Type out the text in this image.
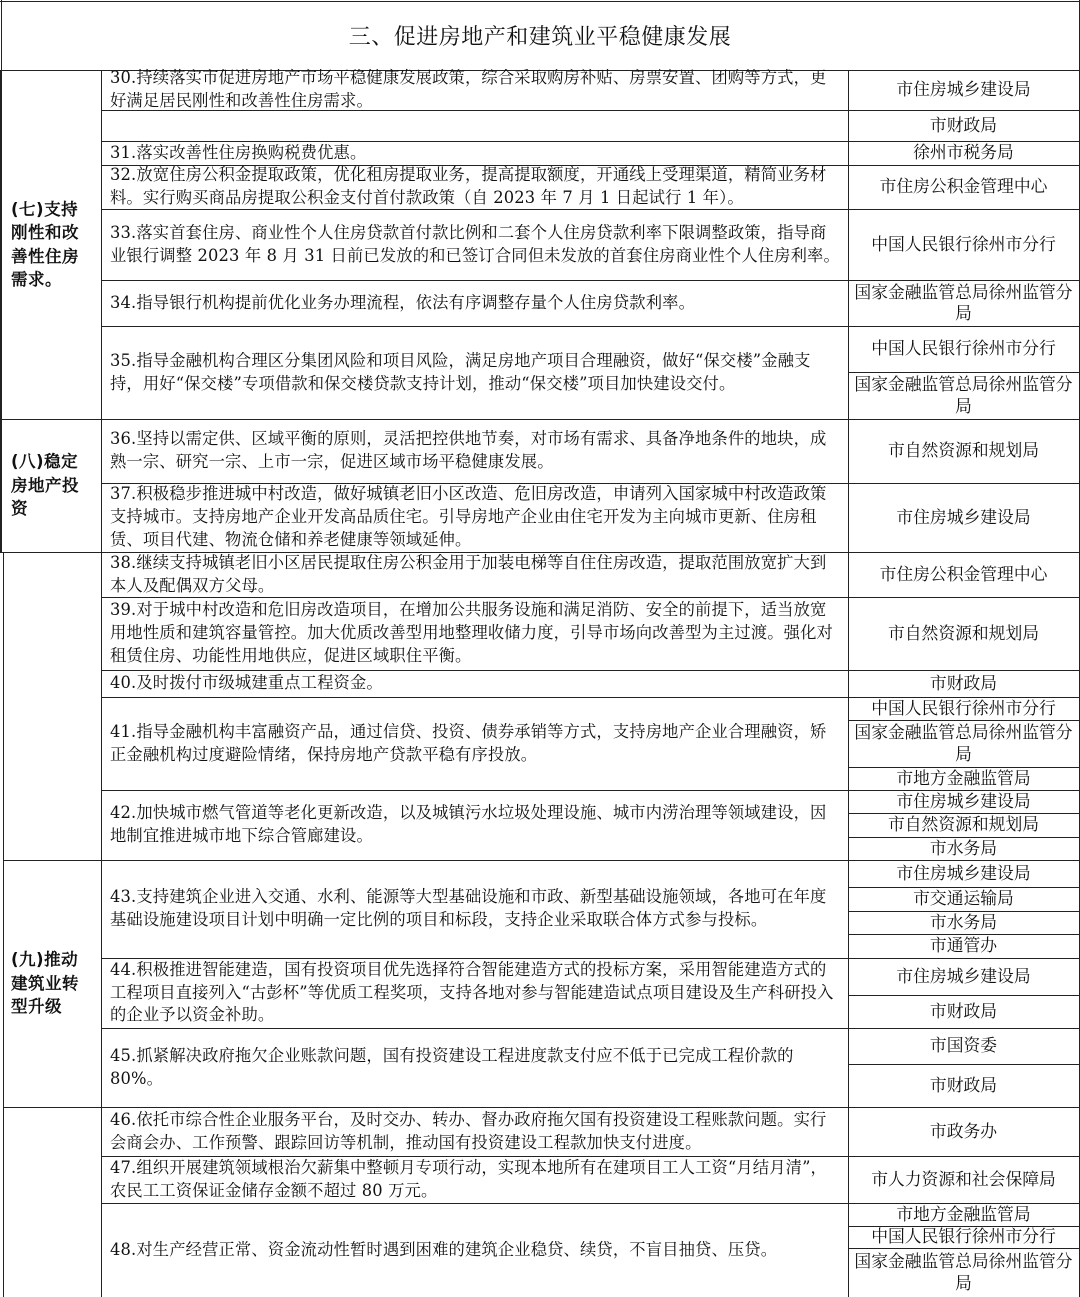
三、促进房地产和建筑业平稳健康发展
(七)支持刚性和改善性住房需求。
(八)稳定房地产投资
(九)推动建筑业转型升级
30.持续落实市促进房地产市场平稳健康发展政策，综合采取购房补贴、房票安置、团购等方式，更好满足居民刚性和改善性住房需求。
31.落实改善性住房换购税费优惠。
32.放宽住房公积金提取政策，优化租房提取业务，提高提取额度，开通线上受理渠道，精简业务材料。实行购买商品房提取公积金支付首付款政策（自 2023 年 7 月 1 日起试行 1 年）。
33.落实首套住房、商业性个人住房贷款首付款比例和二套个人住房贷款利率下限调整政策，指导商业银行调整 2023 年 8 月 31 日前已发放的和已签订合同但未发放的首套住房商业性个人住房利率。
34.指导银行机构提前优化业务办理流程，依法有序调整存量个人住房贷款利率。
35.指导金融机构合理区分集团风险和项目风险，满足房地产项目合理融资，做好“保交楼”金融支持，用好“保交楼”专项借款和保交楼贷款支持计划，推动“保交楼”项目加快建设交付。
36.坚持以需定供、区域平衡的原则，灵活把控供地节奏，对市场有需求、具备净地条件的地块，成熟一宗、研究一宗、上市一宗，促进区域市场平稳健康发展。
37.积极稳步推进城中村改造，做好城镇老旧小区改造、危旧房改造，申请列入国家城中村改造政策支持城市。支持房地产企业开发高品质住宅。引导房地产企业由住宅开发为主向城市更新、住房租赁、项目代建、物流仓储和养老健康等领域延伸。
38.继续支持城镇老旧小区居民提取住房公积金用于加装电梯等自住住房改造，提取范围放宽扩大到本人及配偶双方父母。
39.对于城中村改造和危旧房改造项目，在增加公共服务设施和满足消防、安全的前提下，适当放宽用地性质和建筑容量管控。加大优质改善型用地整理收储力度，引导市场向改善型为主过渡。强化对租赁住房、功能性用地供应，促进区域职住平衡。
40.及时拨付市级城建重点工程资金。
41.指导金融机构丰富融资产品，通过信贷、投资、债券承销等方式，支持房地产企业合理融资，矫正金融机构过度避险情绪，保持房地产贷款平稳有序投放。
42.加快城市燃气管道等老化更新改造，以及城镇污水垃圾处理设施、城市内涝治理等领域建设，因地制宜推进城市地下综合管廊建设。
43.支持建筑企业进入交通、水利、能源等大型基础设施和市政、新型基础设施领域，各地可在年度基础设施建设项目计划中明确一定比例的项目和标段，支持企业采取联合体方式参与投标。
44.积极推进智能建造，国有投资项目优先选择符合智能建造方式的投标方案，采用智能建造方式的工程项目直接列入“古彭杯”等优质工程奖项，支持各地对参与智能建造试点项目建设及生产科研投入的企业予以资金补助。
45.抓紧解决政府拖欠企业账款问题，国有投资建设工程进度款支付应不低于已完成工程价款的 80%。
46.依托市综合性企业服务平台，及时交办、转办、督办政府拖欠国有投资建设工程账款问题。实行会商会办、工作预警、跟踪回访等机制，推动国有投资建设工程款加快支付进度。
47.组织开展建筑领域根治欠薪集中整顿月专项行动，实现本地所有在建项目工人工资“月结月清”，农民工工资保证金储存金额不超过 80 万元。
48.对生产经营正常、资金流动性暂时遇到困难的建筑企业稳贷、续贷，不盲目抽贷、压贷。
市住房城乡建设局
市财政局
徐州市税务局
市住房公积金管理中心
中国人民银行徐州市分行
国家金融监管总局徐州监管分局
中国人民银行徐州市分行
国家金融监管总局徐州监管分局
市自然资源和规划局
市住房城乡建设局
市住房公积金管理中心
市自然资源和规划局
市财政局
中国人民银行徐州市分行
国家金融监管总局徐州监管分局
市地方金融监管局
市住房城乡建设局
市自然资源和规划局
市水务局
市住房城乡建设局
市交通运输局
市水务局
市通管办
市住房城乡建设局
市财政局
市国资委
市财政局
市政务办
市人力资源和社会保障局
市地方金融监管局
中国人民银行徐州市分行
国家金融监管总局徐州监管分局
